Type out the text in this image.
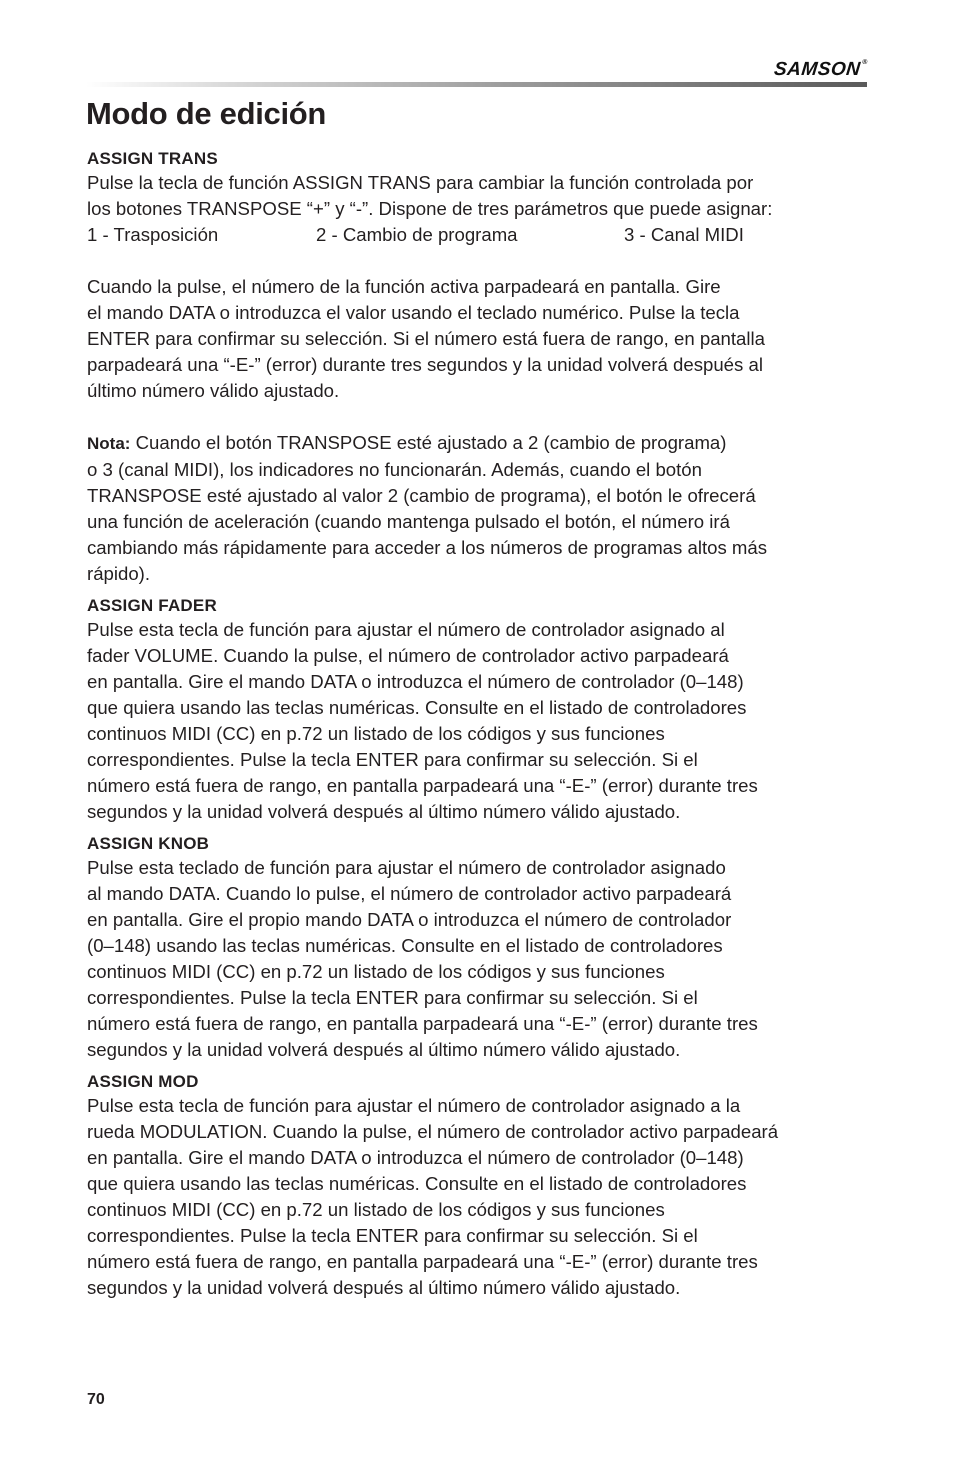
SAMSON®
Modo de edición
ASSIGN TRANS

Pulse la tecla de función ASSIGN TRANS para cambiar la función controlada por

los botones TRANSPOSE “+” y “-”. Dispone de tres parámetros que puede asignar:

1 - Trasposición	2 - Cambio de programa	3 - Canal MIDI

Cuando la pulse, el número de la función activa parpadeará en pantalla. Gire

el mando DATA o introduzca el valor usando el teclado numérico. Pulse la tecla

ENTER para confirmar su selección. Si el número está fuera de rango, en pantalla

parpadeará una “-E-” (error) durante tres segundos y la unidad volverá después al

último número válido ajustado.

Nota: Cuando el botón TRANSPOSE esté ajustado a 2 (cambio de programa)

o 3 (canal MIDI), los indicadores no funcionarán. Además, cuando el botón

TRANSPOSE esté ajustado al valor 2 (cambio de programa), el botón le ofrecerá

una función de aceleración (cuando mantenga pulsado el botón, el número irá

cambiando más rápidamente para acceder a los números de programas altos más

rápido).

ASSIGN FADER

Pulse esta tecla de función para ajustar el número de controlador asignado al

fader VOLUME. Cuando la pulse, el número de controlador activo parpadeará

en pantalla. Gire el mando DATA o introduzca el número de controlador (0–148)

que quiera usando las teclas numéricas. Consulte en el listado de controladores

continuos MIDI (CC) en p.72 un listado de los códigos y sus funciones

correspondientes. Pulse la tecla ENTER para confirmar su selección. Si el

número está fuera de rango, en pantalla parpadeará una “-E-” (error) durante tres

segundos y la unidad volverá después al último número válido ajustado.

ASSIGN KNOB

Pulse esta teclado de función para ajustar el número de controlador asignado

al mando DATA. Cuando lo pulse, el número de controlador activo parpadeará

en pantalla. Gire el propio mando DATA o introduzca el número de controlador

(0–148) usando las teclas numéricas. Consulte en el listado de controladores

continuos MIDI (CC) en p.72 un listado de los códigos y sus funciones

correspondientes. Pulse la tecla ENTER para confirmar su selección. Si el

número está fuera de rango, en pantalla parpadeará una “-E-” (error) durante tres

segundos y la unidad volverá después al último número válido ajustado.

ASSIGN MOD

Pulse esta tecla de función para ajustar el número de controlador asignado a la

rueda MODULATION. Cuando la pulse, el número de controlador activo parpadeará

en pantalla. Gire el mando DATA o introduzca el número de controlador (0–148)

que quiera usando las teclas numéricas. Consulte en el listado de controladores

continuos MIDI (CC) en p.72 un listado de los códigos y sus funciones

correspondientes. Pulse la tecla ENTER para confirmar su selección. Si el

número está fuera de rango, en pantalla parpadeará una “-E-” (error) durante tres

segundos y la unidad volverá después al último número válido ajustado.

70
